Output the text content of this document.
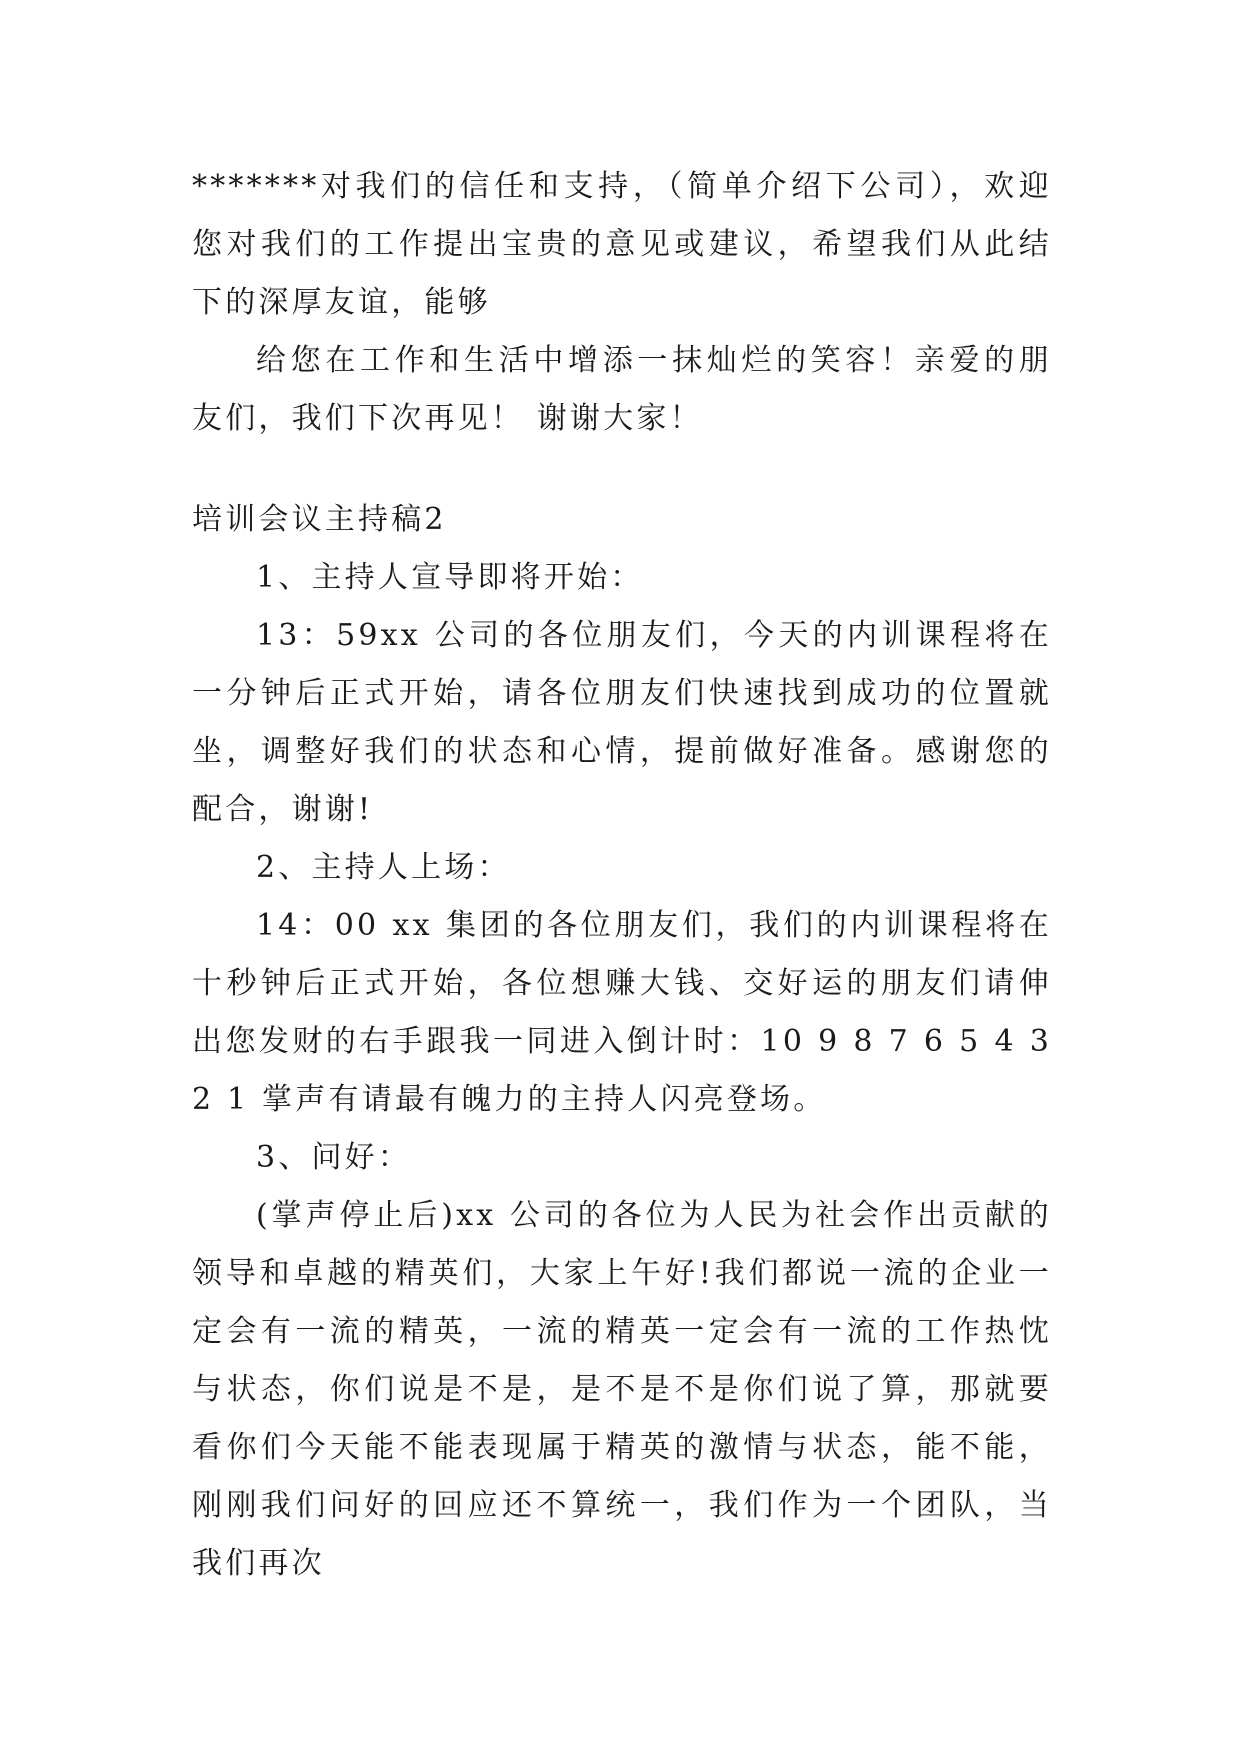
*******对我们的信任和支持，（简单介绍下公司），欢迎您对我们的工作提出宝贵的意见或建议，希望我们从此结下的深厚友谊，能够

给您在工作和生活中增添一抹灿烂的笑容！亲爱的朋友们，我们下次再见！ 谢谢大家！

培训会议主持稿2

1、主持人宣导即将开始：

13：59xx 公司的各位朋友们，今天的内训课程将在一分钟后正式开始，请各位朋友们快速找到成功的位置就坐，调整好我们的状态和心情，提前做好准备。感谢您的配合，谢谢!

2、主持人上场：

14：00 xx 集团的各位朋友们，我们的内训课程将在十秒钟后正式开始，各位想赚大钱、交好运的朋友们请伸出您发财的右手跟我一同进入倒计时：10 9 8 7 6 5 4 3 2 1 掌声有请最有魄力的主持人闪亮登场。

3、问好：

(掌声停止后)xx 公司的各位为人民为社会作出贡献的领导和卓越的精英们，大家上午好!我们都说一流的企业一定会有一流的精英，一流的精英一定会有一流的工作热忱与状态，你们说是不是，是不是不是你们说了算，那就要看你们今天能不能表现属于精英的激情与状态，能不能，刚刚我们问好的回应还不算统一，我们作为一个团队，当我们再次
